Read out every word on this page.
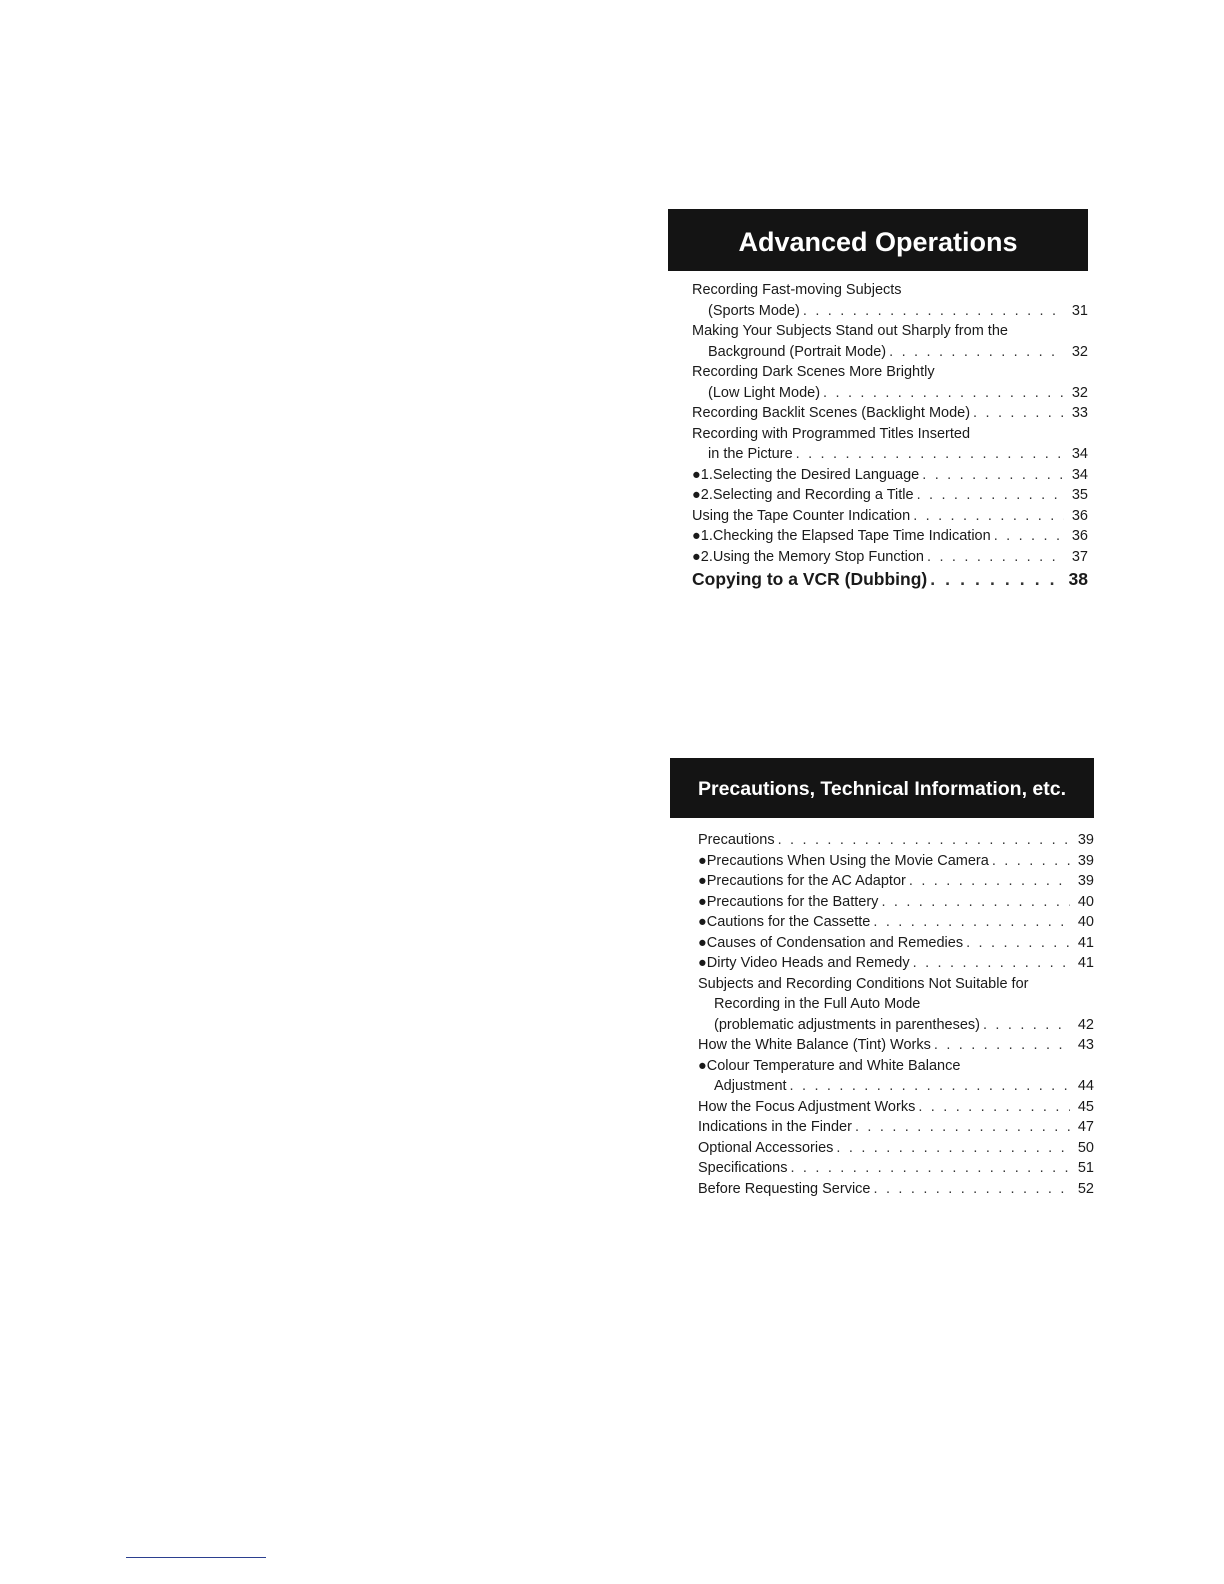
Advanced Operations
Recording Fast-moving Subjects
(Sports Mode) . . .	31
Making Your Subjects Stand out Sharply from the
Background (Portrait Mode) . . .	32
Recording Dark Scenes More Brightly
(Low Light Mode) . . .	32
Recording Backlit Scenes (Backlight Mode) . . .	33
Recording with Programmed Titles Inserted
in the Picture . . .	34
●1.Selecting the Desired Language . . .	34
●2.Selecting and Recording a Title . . .	35
Using the Tape Counter Indication . . .	36
●1.Checking the Elapsed Tape Time Indication . . .	36
●2.Using the Memory Stop Function . . .	37
Copying to a VCR (Dubbing) . . .	38
Precautions, Technical Information, etc.
Precautions . . .	39
●Precautions When Using the Movie Camera . . .	39
●Precautions for the AC Adaptor . . .	39
●Precautions for the Battery . . .	40
●Cautions for the Cassette . . .	40
●Causes of Condensation and Remedies . . .	41
●Dirty Video Heads and Remedy . . .	41
Subjects and Recording Conditions Not Suitable for
Recording in the Full Auto Mode
(problematic adjustments in parentheses) . . .	42
How the White Balance (Tint) Works . . .	43
●Colour Temperature and White Balance
Adjustment . . .	44
How the Focus Adjustment Works . . .	45
Indications in the Finder . . .	47
Optional Accessories . . .	50
Specifications . . .	51
Before Requesting Service . . .	52
